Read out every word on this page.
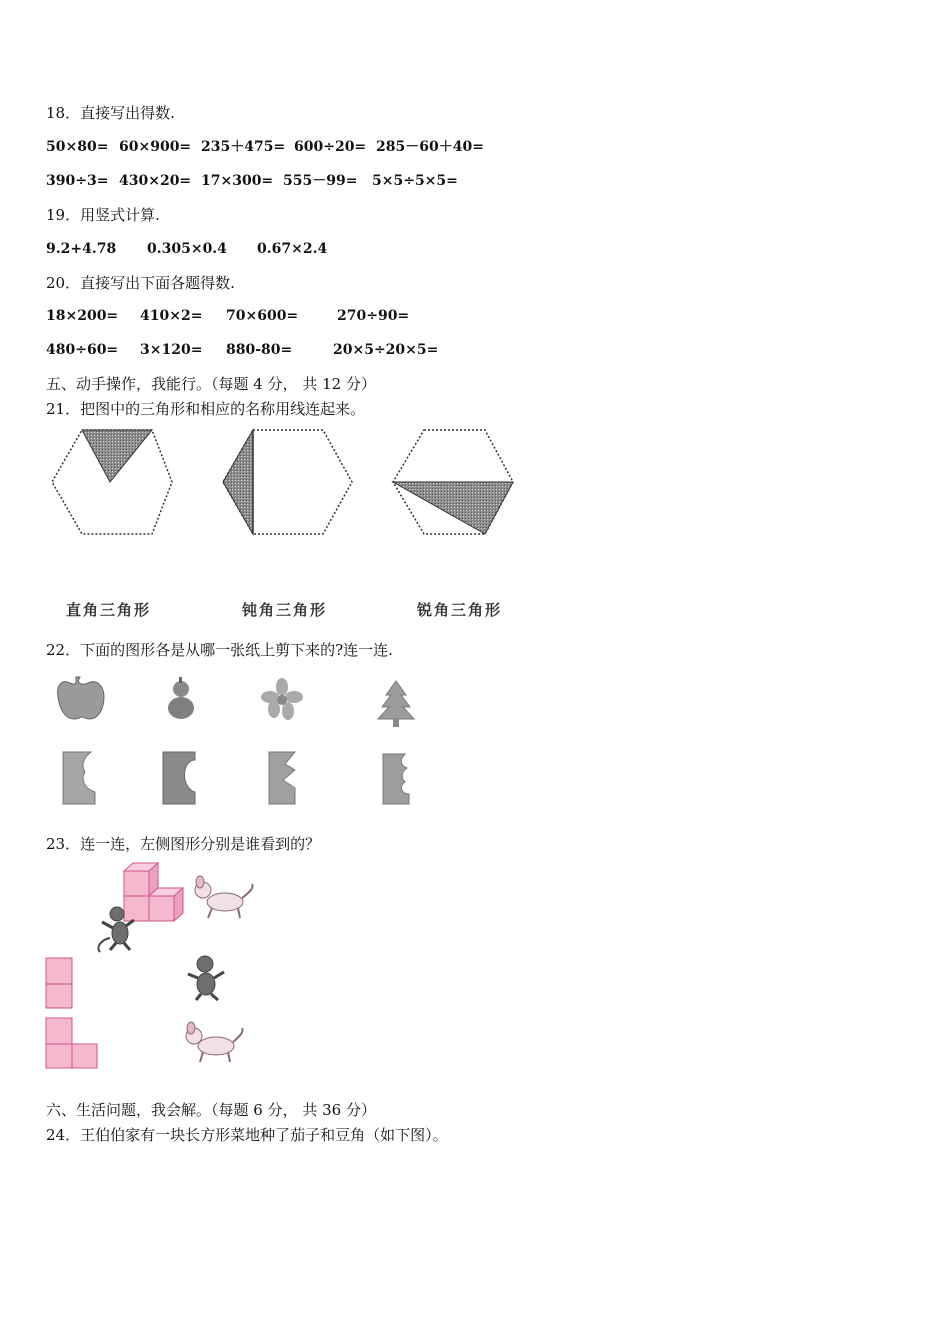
18．直接写出得数.
50×80= 60×900= 235＋475= 600÷20= 285－60＋40=
390÷3= 430×20= 17×300= 555－99= 5×5÷5×5=
19．用竖式计算.
9.2+4.78 0.305×0.4 0.67×2.4
20．直接写出下面各题得数.
18×200= 410×2= 70×600=	270÷90=
480÷60= 3×120= 880-80=	20×5÷20×5=
五、动手操作，我能行。（每题 4 分， 共 12 分）
21．把图中的三角形和相应的名称用线连起来。
直角三角形	钝角三角形	锐角三角形
22．下面的图形各是从哪一张纸上剪下来的?连一连.
23．连一连，左侧图形分别是谁看到的？
六、生活问题，我会解。（每题 6 分， 共 36 分）
24．王伯伯家有一块长方形菜地种了茄子和豆角（如下图）。
